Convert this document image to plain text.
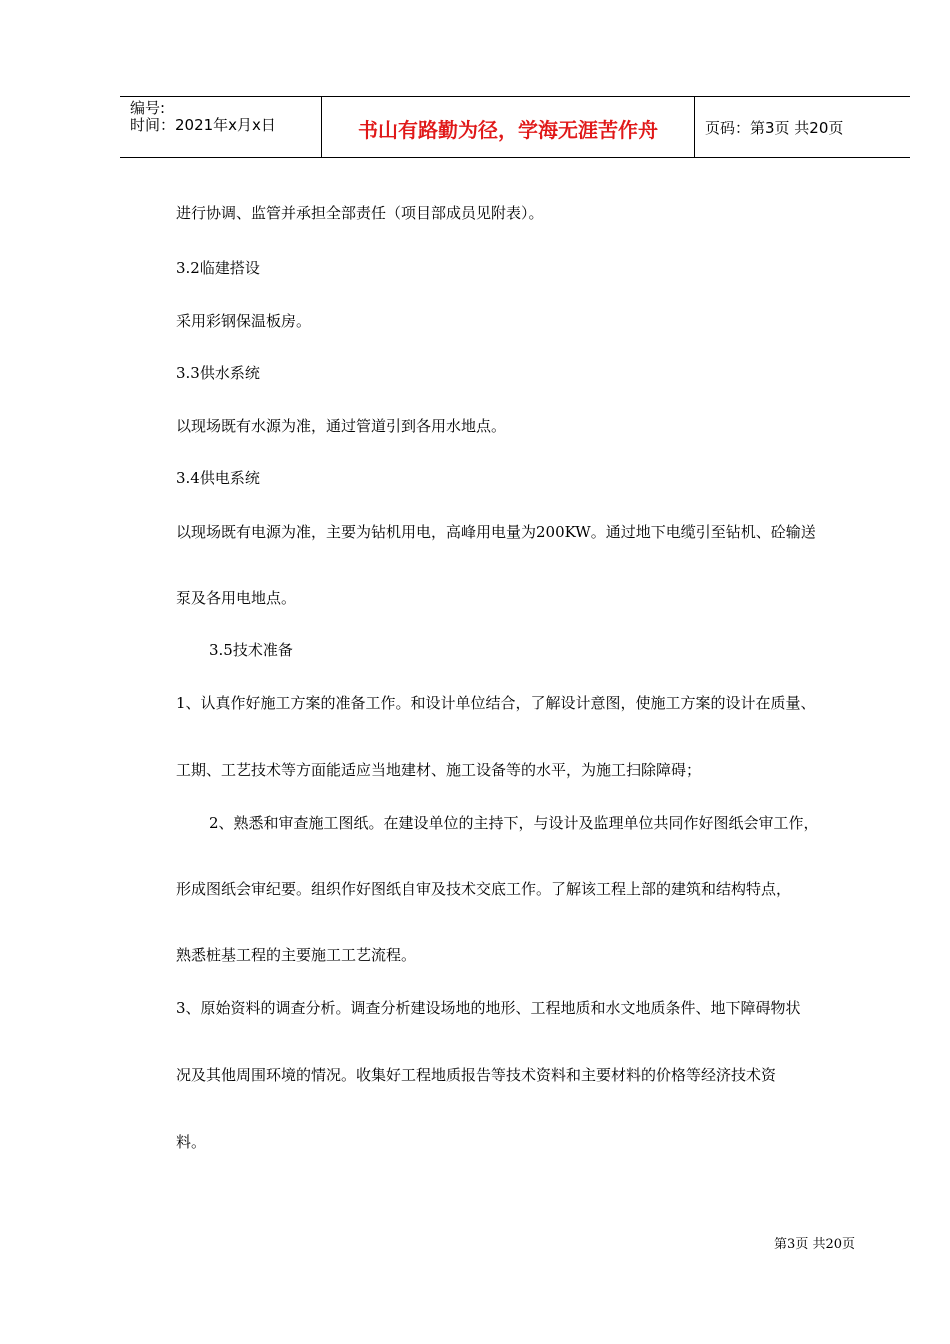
编号:
时间：2021年x月x日	书山有路勤为径，学海无涯苦作舟	页码：第3页 共20页
进行协调、监管并承担全部责任（项目部成员见附表）。
3.2临建搭设
采用彩钢保温板房。
3.3供水系统
以现场既有水源为准，通过管道引到各用水地点。
3.4供电系统
以现场既有电源为准，主要为钻机用电，高峰用电量为200KW。通过地下电缆引至钻机、砼输送
泵及各用电地点。
3.5技术准备
1、认真作好施工方案的准备工作。和设计单位结合，了解设计意图，使施工方案的设计在质量、
工期、工艺技术等方面能适应当地建材、施工设备等的水平，为施工扫除障碍；
2、熟悉和审查施工图纸。在建设单位的主持下，与设计及监理单位共同作好图纸会审工作，
形成图纸会审纪要。组织作好图纸自审及技术交底工作。了解该工程上部的建筑和结构特点，
熟悉桩基工程的主要施工工艺流程。
3、原始资料的调查分析。调查分析建设场地的地形、工程地质和水文地质条件、地下障碍物状
况及其他周围环境的情况。收集好工程地质报告等技术资料和主要材料的价格等经济技术资
料。
第3页 共20页
